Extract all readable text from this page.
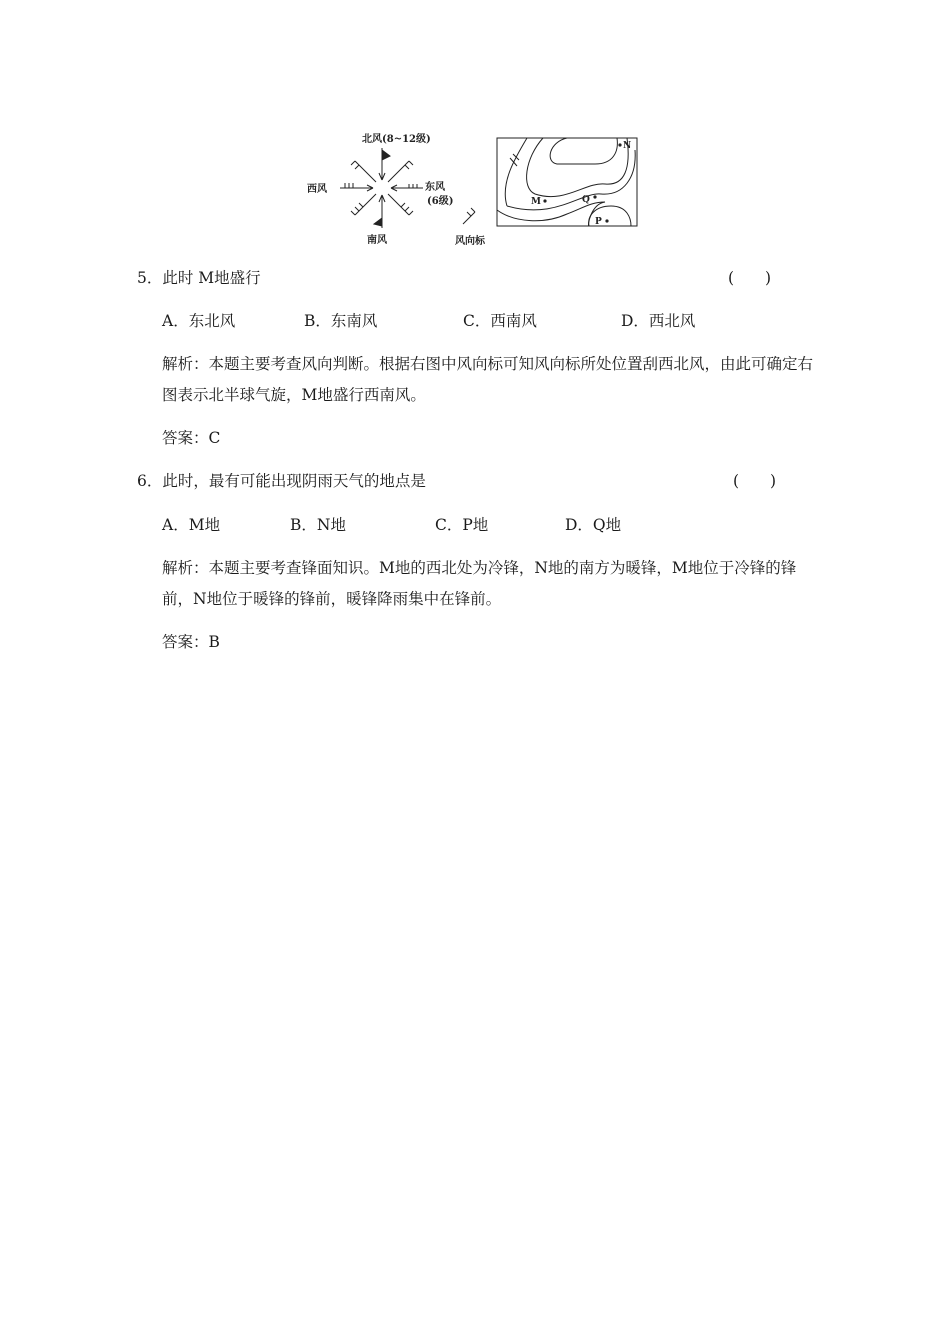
北风(8~12级)
西风	东风
(6级)
南风	风向标
N
M	Q
P
5．此时 M地盛行	(　　)
A．东北风	B．东南风	C．西南风	D．西北风
解析：本题主要考查风向判断。根据右图中风向标可知风向标所处位置刮西北风，由此可确定右图表示北半球气旋，M地盛行西南风。
答案：C
6．此时，最有可能出现阴雨天气的地点是	(　　)
A．M地	B．N地	C．P地	D．Q地
解析：本题主要考查锋面知识。M地的西北处为冷锋，N地的南方为暖锋，M地位于冷锋的锋前，N地位于暖锋的锋前，暖锋降雨集中在锋前。
答案：B
